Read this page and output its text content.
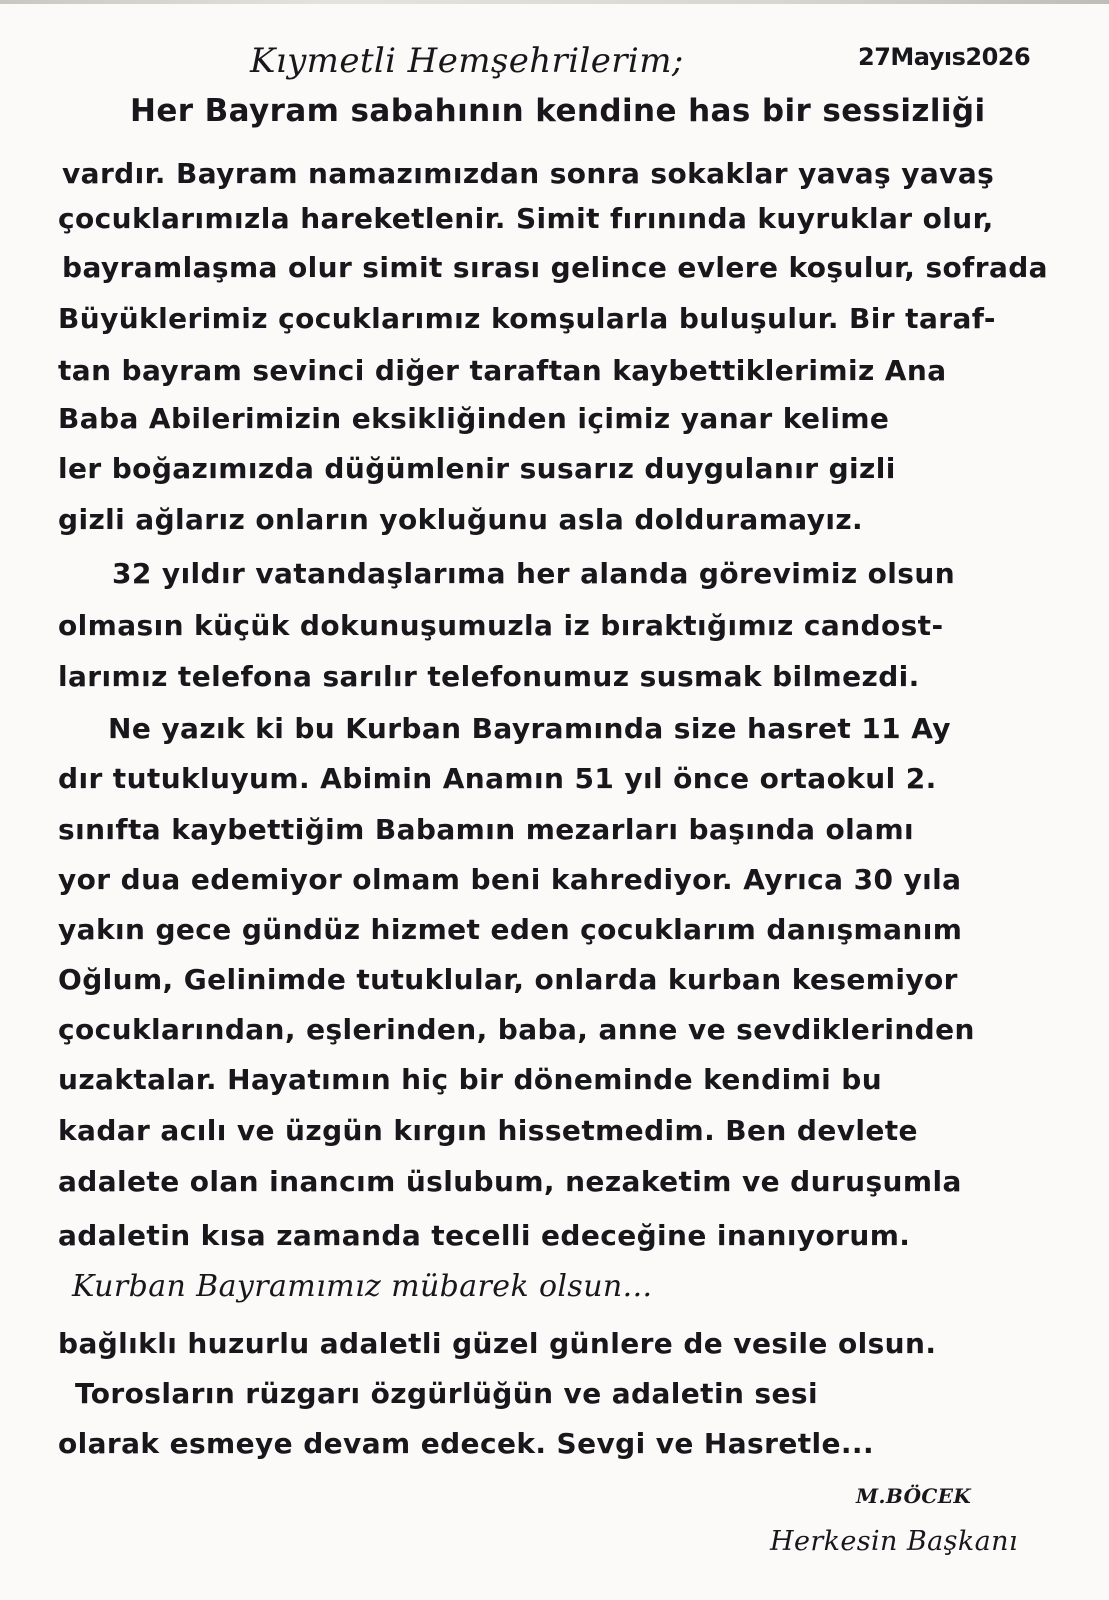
Kıymetli Hemşehrilerim;	27Mayıs2026
Her Bayram sabahının kendine has bir sessizliği
vardır. Bayram namazımızdan sonra sokaklar yavaş yavaş
çocuklarımızla hareketlenir. Simit fırınında kuyruklar olur,
bayramlaşma olur simit sırası gelince evlere koşulur, sofrada
Büyüklerimiz çocuklarımız komşularla buluşulur. Bir taraf-
tan bayram sevinci diğer taraftan kaybettiklerimiz Ana
Baba Abilerimizin eksikliğinden içimiz yanar kelime
ler boğazımızda düğümlenir susarız duygulanır gizli
gizli ağlarız onların yokluğunu asla dolduramayız.
32 yıldır vatandaşlarıma her alanda görevimiz olsun
olmasın küçük dokunuşumuzla iz bıraktığımız candost-
larımız telefona sarılır telefonumuz susmak bilmezdi.
Ne yazık ki bu Kurban Bayramında size hasret 11 Ay
dır tutukluyum. Abimin Anamın 51 yıl önce ortaokul 2.
sınıfta kaybettiğim Babamın mezarları başında olamı
yor dua edemiyor olmam beni kahrediyor. Ayrıca 30 yıla
yakın gece gündüz hizmet eden çocuklarım danışmanım
Oğlum, Gelinimde tutuklular, onlarda kurban kesemiyor
çocuklarından, eşlerinden, baba, anne ve sevdiklerinden
uzaktalar. Hayatımın hiç bir döneminde kendimi bu
kadar acılı ve üzgün kırgın hissetmedim. Ben devlete
adalete olan inancım üslubum, nezaketim ve duruşumla
adaletin kısa zamanda tecelli edeceğine inanıyorum.
Kurban Bayramımız mübarek olsun...
bağlıklı huzurlu adaletli güzel günlere de vesile olsun.
Torosların rüzgarı özgürlüğün ve adaletin sesi
olarak esmeye devam edecek. Sevgi ve Hasretle...
M.BÖCEK
Herkesin Başkanı
